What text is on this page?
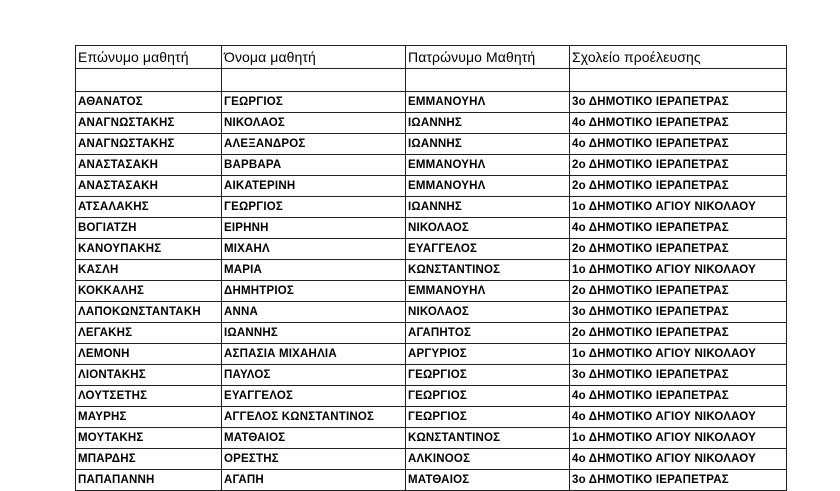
Επώνυμο μαθητή	Όνομα μαθητή	Πατρώνυμο Μαθητή	Σχολείο προέλευσης

ΑΘΑΝΑΤΟΣ	ΓΕΩΡΓΙΟΣ	ΕΜΜΑΝΟΥΗΛ	3ο ΔΗΜΟΤΙΚΟ ΙΕΡΑΠΕΤΡΑΣ
ΑΝΑΓΝΩΣΤΑΚΗΣ	ΝΙΚΟΛΑΟΣ	ΙΩΑΝΝΗΣ	4ο ΔΗΜΟΤΙΚΟ ΙΕΡΑΠΕΤΡΑΣ
ΑΝΑΓΝΩΣΤΑΚΗΣ	ΑΛΕΞΑΝΔΡΟΣ	ΙΩΑΝΝΗΣ	4ο ΔΗΜΟΤΙΚΟ ΙΕΡΑΠΕΤΡΑΣ
ΑΝΑΣΤΑΣΑΚΗ	ΒΑΡΒΑΡΑ	ΕΜΜΑΝΟΥΗΛ	2ο ΔΗΜΟΤΙΚΟ ΙΕΡΑΠΕΤΡΑΣ
ΑΝΑΣΤΑΣΑΚΗ	ΑΙΚΑΤΕΡΙΝΗ	ΕΜΜΑΝΟΥΗΛ	2ο ΔΗΜΟΤΙΚΟ ΙΕΡΑΠΕΤΡΑΣ
ΑΤΣΑΛΑΚΗΣ	ΓΕΩΡΓΙΟΣ	ΙΩΑΝΝΗΣ	1ο ΔΗΜΟΤΙΚΟ ΑΓΙΟΥ ΝΙΚΟΛΑΟΥ
ΒΟΓΙΑΤΖΗ	ΕΙΡΗΝΗ	ΝΙΚΟΛΑΟΣ	4ο ΔΗΜΟΤΙΚΟ ΙΕΡΑΠΕΤΡΑΣ
ΚΑΝΟΥΠΑΚΗΣ	ΜΙΧΑΗΛ	ΕΥΑΓΓΕΛΟΣ	2ο ΔΗΜΟΤΙΚΟ ΙΕΡΑΠΕΤΡΑΣ
ΚΑΣΛΗ	ΜΑΡΙΑ	ΚΩΝΣΤΑΝΤΙΝΟΣ	1ο ΔΗΜΟΤΙΚΟ ΑΓΙΟΥ ΝΙΚΟΛΑΟΥ
ΚΟΚΚΑΛΗΣ	ΔΗΜΗΤΡΙΟΣ	ΕΜΜΑΝΟΥΗΛ	2ο ΔΗΜΟΤΙΚΟ ΙΕΡΑΠΕΤΡΑΣ
ΛΑΠΟΚΩΝΣΤΑΝΤΑΚΗ	ΑΝΝΑ	ΝΙΚΟΛΑΟΣ	3ο ΔΗΜΟΤΙΚΟ ΙΕΡΑΠΕΤΡΑΣ
ΛΕΓΑΚΗΣ	ΙΩΑΝΝΗΣ	ΑΓΑΠΗΤΟΣ	2ο ΔΗΜΟΤΙΚΟ ΙΕΡΑΠΕΤΡΑΣ
ΛΕΜΟΝΗ	ΑΣΠΑΣΙΑ ΜΙΧΑΗΛΙΑ	ΑΡΓΥΡΙΟΣ	1ο ΔΗΜΟΤΙΚΟ ΑΓΙΟΥ ΝΙΚΟΛΑΟΥ
ΛΙΟΝΤΑΚΗΣ	ΠΑΥΛΟΣ	ΓΕΩΡΓΙΟΣ	3ο ΔΗΜΟΤΙΚΟ ΙΕΡΑΠΕΤΡΑΣ
ΛΟΥΤΣΕΤΗΣ	ΕΥΑΓΓΕΛΟΣ	ΓΕΩΡΓΙΟΣ	4ο ΔΗΜΟΤΙΚΟ ΙΕΡΑΠΕΤΡΑΣ
ΜΑΥΡΗΣ	ΑΓΓΕΛΟΣ ΚΩΝΣΤΑΝΤΙΝΟΣ	ΓΕΩΡΓΙΟΣ	4ο ΔΗΜΟΤΙΚΟ ΑΓΙΟΥ ΝΙΚΟΛΑΟΥ
ΜΟΥΤΑΚΗΣ	ΜΑΤΘΑΙΟΣ	ΚΩΝΣΤΑΝΤΙΝΟΣ	1ο ΔΗΜΟΤΙΚΟ ΑΓΙΟΥ ΝΙΚΟΛΑΟΥ
ΜΠΑΡΔΗΣ	ΟΡΕΣΤΗΣ	ΑΛΚΙΝΟΟΣ	4ο ΔΗΜΟΤΙΚΟ ΑΓΙΟΥ ΝΙΚΟΛΑΟΥ
ΠΑΠΑΠΑΝΝΗ	ΑΓΑΠΗ	ΜΑΤΘΑΙΟΣ	3ο ΔΗΜΟΤΙΚΟ ΙΕΡΑΠΕΤΡΑΣ
